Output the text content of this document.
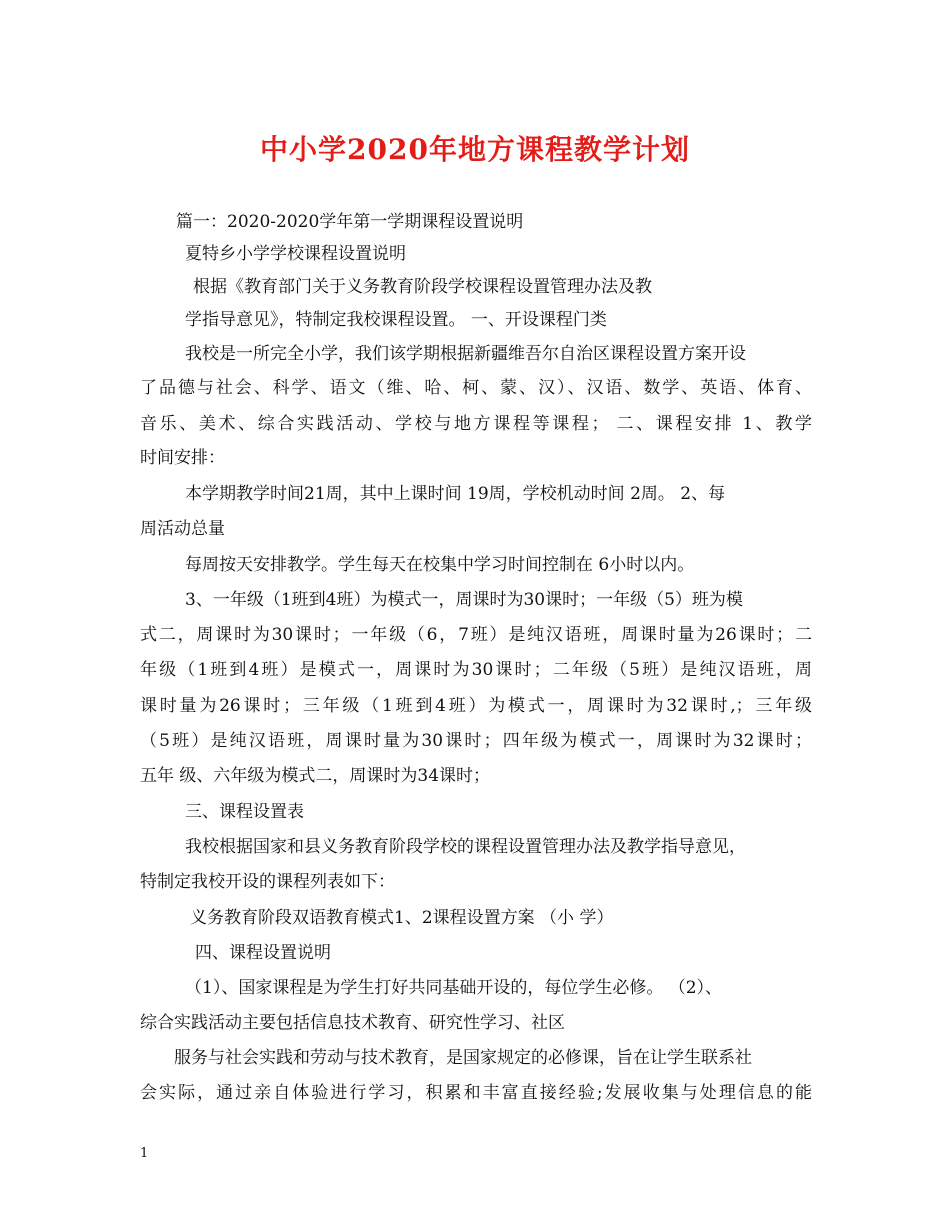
中小学2020年地方课程教学计划
篇一：2020-2020学年第一学期课程设置说明
夏特乡小学学校课程设置说明
根据《教育部门关于义务教育阶段学校课程设置管理办法及教
学指导意见》，特制定我校课程设置。 一、开设课程门类
我校是一所完全小学，我们该学期根据新疆维吾尔自治区课程设置方案开设
了品德与社会、科学、语文（维、哈、柯、蒙、汉）、汉语、数学、英语、体育、
音乐、美术、综合实践活动、学校与地方课程等课程； 二、课程安排 1、教学
时间安排：
本学期教学时间21周，其中上课时间 19周，学校机动时间 2周。 2、每
周活动总量
每周按天安排教学。学生每天在校集中学习时间控制在 6小时以内。
3、一年级（1班到4班）为模式一，周课时为30课时；一年级（5）班为模
式二，周课时为30课时；一年级（6，7班）是纯汉语班，周课时量为26课时；二
年级（1班到4班）是模式一，周课时为30课时；二年级（5班）是纯汉语班，周
课时量为26课时；三年级（1班到4班）为模式一，周课时为32课时,；三年级
（5班）是纯汉语班，周课时量为30课时；四年级为模式一，周课时为32课时；
五年 级、六年级为模式二，周课时为34课时；
三、课程设置表
我校根据国家和县义务教育阶段学校的课程设置管理办法及教学指导意见，
特制定我校开设的课程列表如下：
义务教育阶段双语教育模式1、2课程设置方案 （小 学）
四、课程设置说明
（1）、国家课程是为学生打好共同基础开设的，每位学生必修。 （2）、
综合实践活动主要包括信息技术教育、研究性学习、社区
服务与社会实践和劳动与技术教育，是国家规定的必修课，旨在让学生联系社
会实际，通过亲自体验进行学习，积累和丰富直接经验;发展收集与处理信息的能
1
